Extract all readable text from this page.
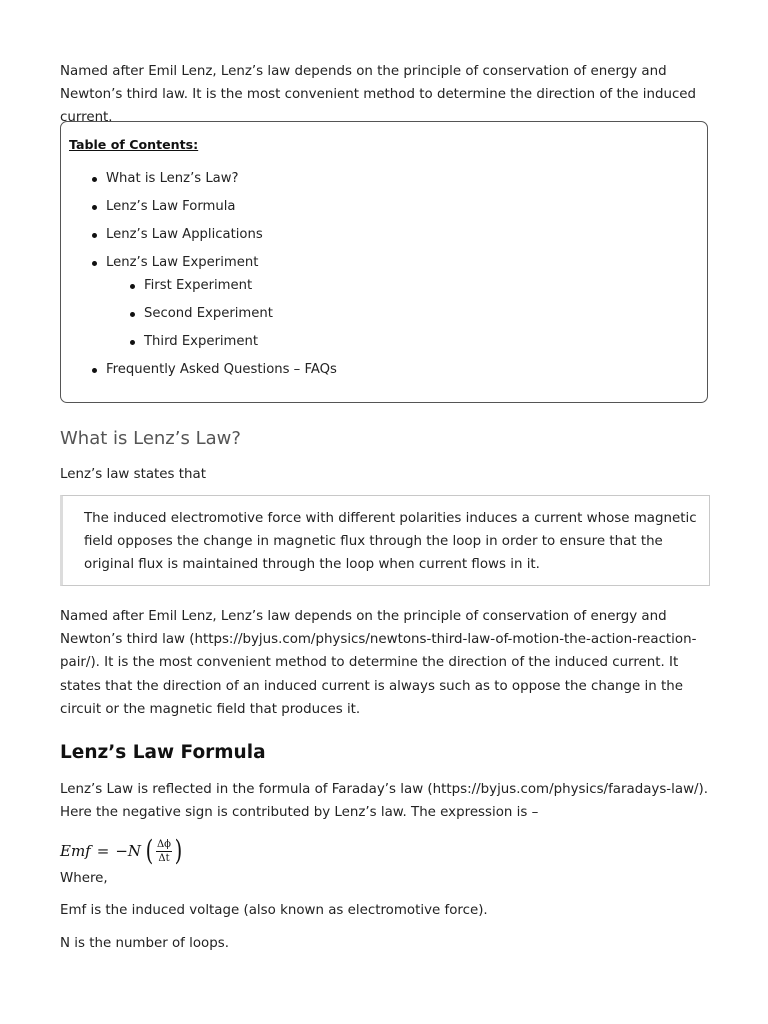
Named after Emil Lenz, Lenz’s law depends on the principle of conservation of energy and Newton’s third law. It is the most convenient method to determine the direction of the induced current.

Table of Contents:

What is Lenz’s Law?
Lenz’s Law Formula
Lenz’s Law Applications
Lenz’s Law Experiment
First Experiment
Second Experiment
Third Experiment
Frequently Asked Questions – FAQs
What is Lenz’s Law?

Lenz’s law states that

The induced electromotive force with different polarities induces a current whose magnetic field opposes the change in magnetic flux through the loop in order to ensure that the original flux is maintained through the loop when current flows in it.

Named after Emil Lenz, Lenz’s law depends on the principle of conservation of energy and Newton’s third law (https://byjus.com/physics/newtons-third-law-of-motion-the-action-reaction-pair/). It is the most convenient method to determine the direction of the induced current. It states that the direction of an induced current is always such as to oppose the change in the circuit or the magnetic field that produces it.

Lenz’s Law Formula

Lenz’s Law is reflected in the formula of Faraday’s law (https://byjus.com/physics/faradays-law/). Here the negative sign is contributed by Lenz’s law. The expression is –

Emf = − N ( $\frac{\Delta\phi}{\Delta t}$ )

Where,

Emf is the induced voltage (also known as electromotive force).

N is the number of loops.
